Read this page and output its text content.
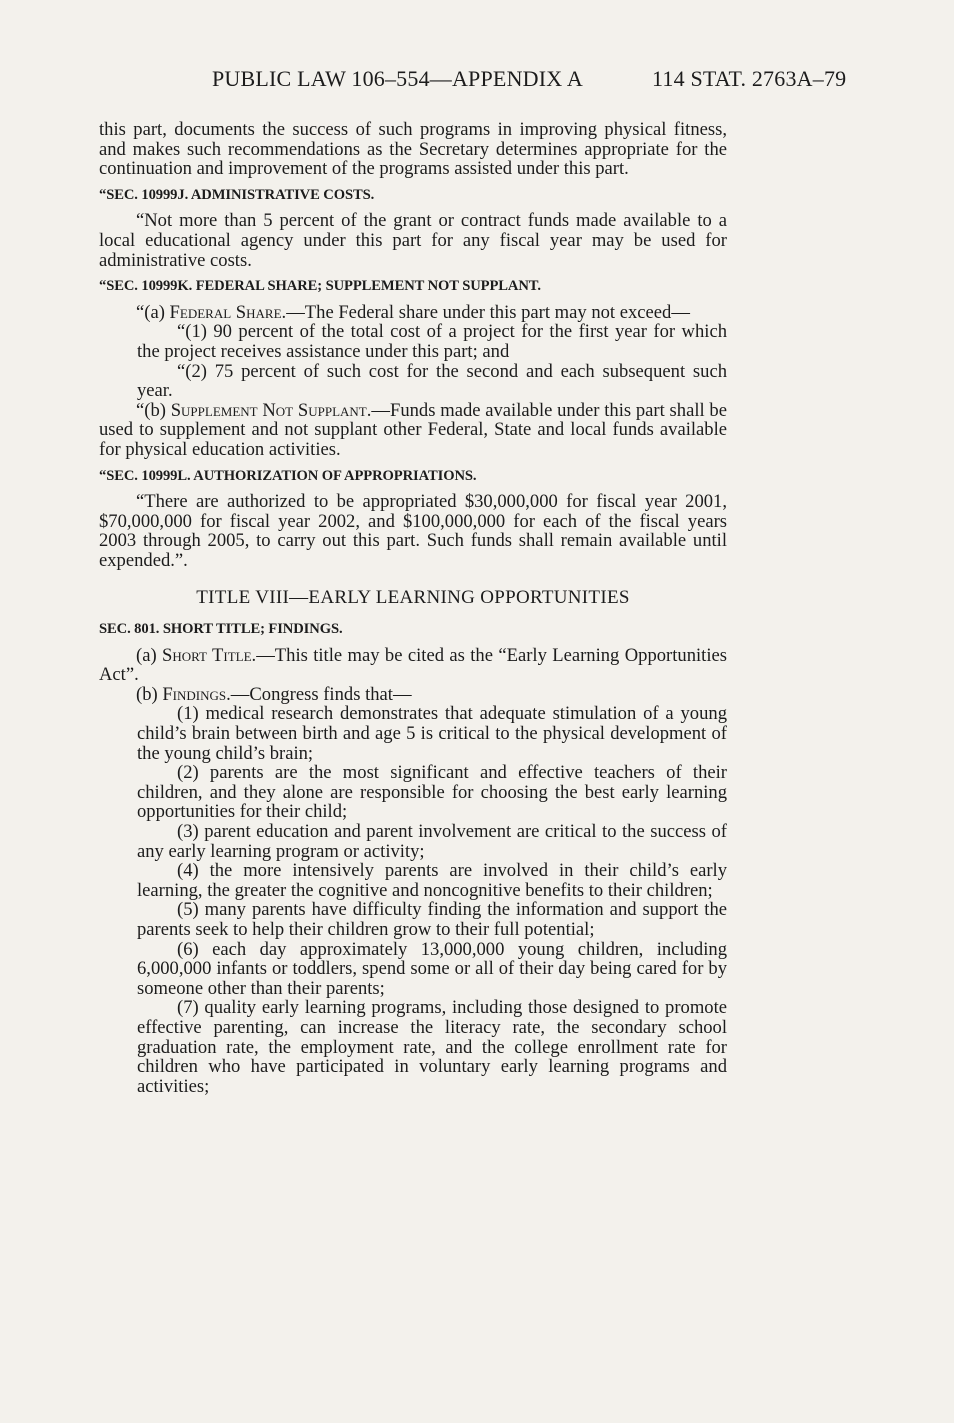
PUBLIC LAW 106–554—APPENDIX A	114 STAT. 2763A–79

this part, documents the success of such programs in improving physical fitness, and makes such recommendations as the Secretary determines appropriate for the continuation and improvement of the programs assisted under this part.

“SEC. 10999J. ADMINISTRATIVE COSTS.

“Not more than 5 percent of the grant or contract funds made available to a local educational agency under this part for any fiscal year may be used for administrative costs.

“SEC. 10999K. FEDERAL SHARE; SUPPLEMENT NOT SUPPLANT.

“(a) Federal Share.—The Federal share under this part may not exceed—

“(1) 90 percent of the total cost of a project for the first year for which the project receives assistance under this part; and

“(2) 75 percent of such cost for the second and each subsequent such year.

“(b) Supplement Not Supplant.—Funds made available under this part shall be used to supplement and not supplant other Federal, State and local funds available for physical education activities.

“SEC. 10999L. AUTHORIZATION OF APPROPRIATIONS.

“There are authorized to be appropriated $30,000,000 for fiscal year 2001, $70,000,000 for fiscal year 2002, and $100,000,000 for each of the fiscal years 2003 through 2005, to carry out this part. Such funds shall remain available until expended.”.

TITLE VIII—EARLY LEARNING OPPORTUNITIES

SEC. 801. SHORT TITLE; FINDINGS.

(a) Short Title.—This title may be cited as the “Early Learning Opportunities Act”.

(b) Findings.—Congress finds that—

(1) medical research demonstrates that adequate stimulation of a young child’s brain between birth and age 5 is critical to the physical development of the young child’s brain;

(2) parents are the most significant and effective teachers of their children, and they alone are responsible for choosing the best early learning opportunities for their child;

(3) parent education and parent involvement are critical to the success of any early learning program or activity;

(4) the more intensively parents are involved in their child’s early learning, the greater the cognitive and noncognitive benefits to their children;

(5) many parents have difficulty finding the information and support the parents seek to help their children grow to their full potential;

(6) each day approximately 13,000,000 young children, including 6,000,000 infants or toddlers, spend some or all of their day being cared for by someone other than their parents;

(7) quality early learning programs, including those designed to promote effective parenting, can increase the literacy rate, the secondary school graduation rate, the employment rate, and the college enrollment rate for children who have participated in voluntary early learning programs and activities;
